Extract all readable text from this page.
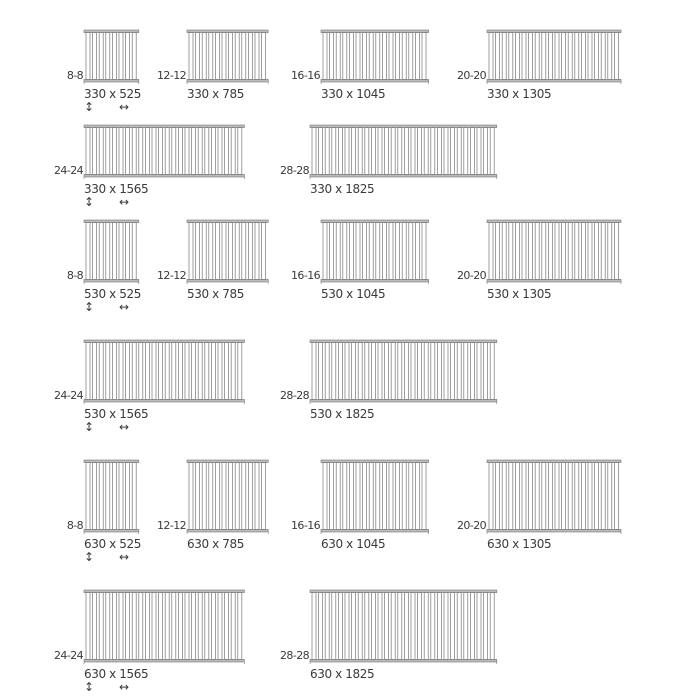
8-8
330 x 525
↕ ↔
12-12
330 x 785
16-16
330 x 1045
20-20
330 x 1305
24-24
330 x 1565
↕ ↔
28-28
330 x 1825
8-8
530 x 525
↕ ↔
12-12
530 x 785
16-16
530 x 1045
20-20
530 x 1305
24-24
530 x 1565
↕ ↔
28-28
530 x 1825
8-8
630 x 525
↕ ↔
12-12
630 x 785
16-16
630 x 1045
20-20
630 x 1305
24-24
630 x 1565
↕ ↔
28-28
630 x 1825
